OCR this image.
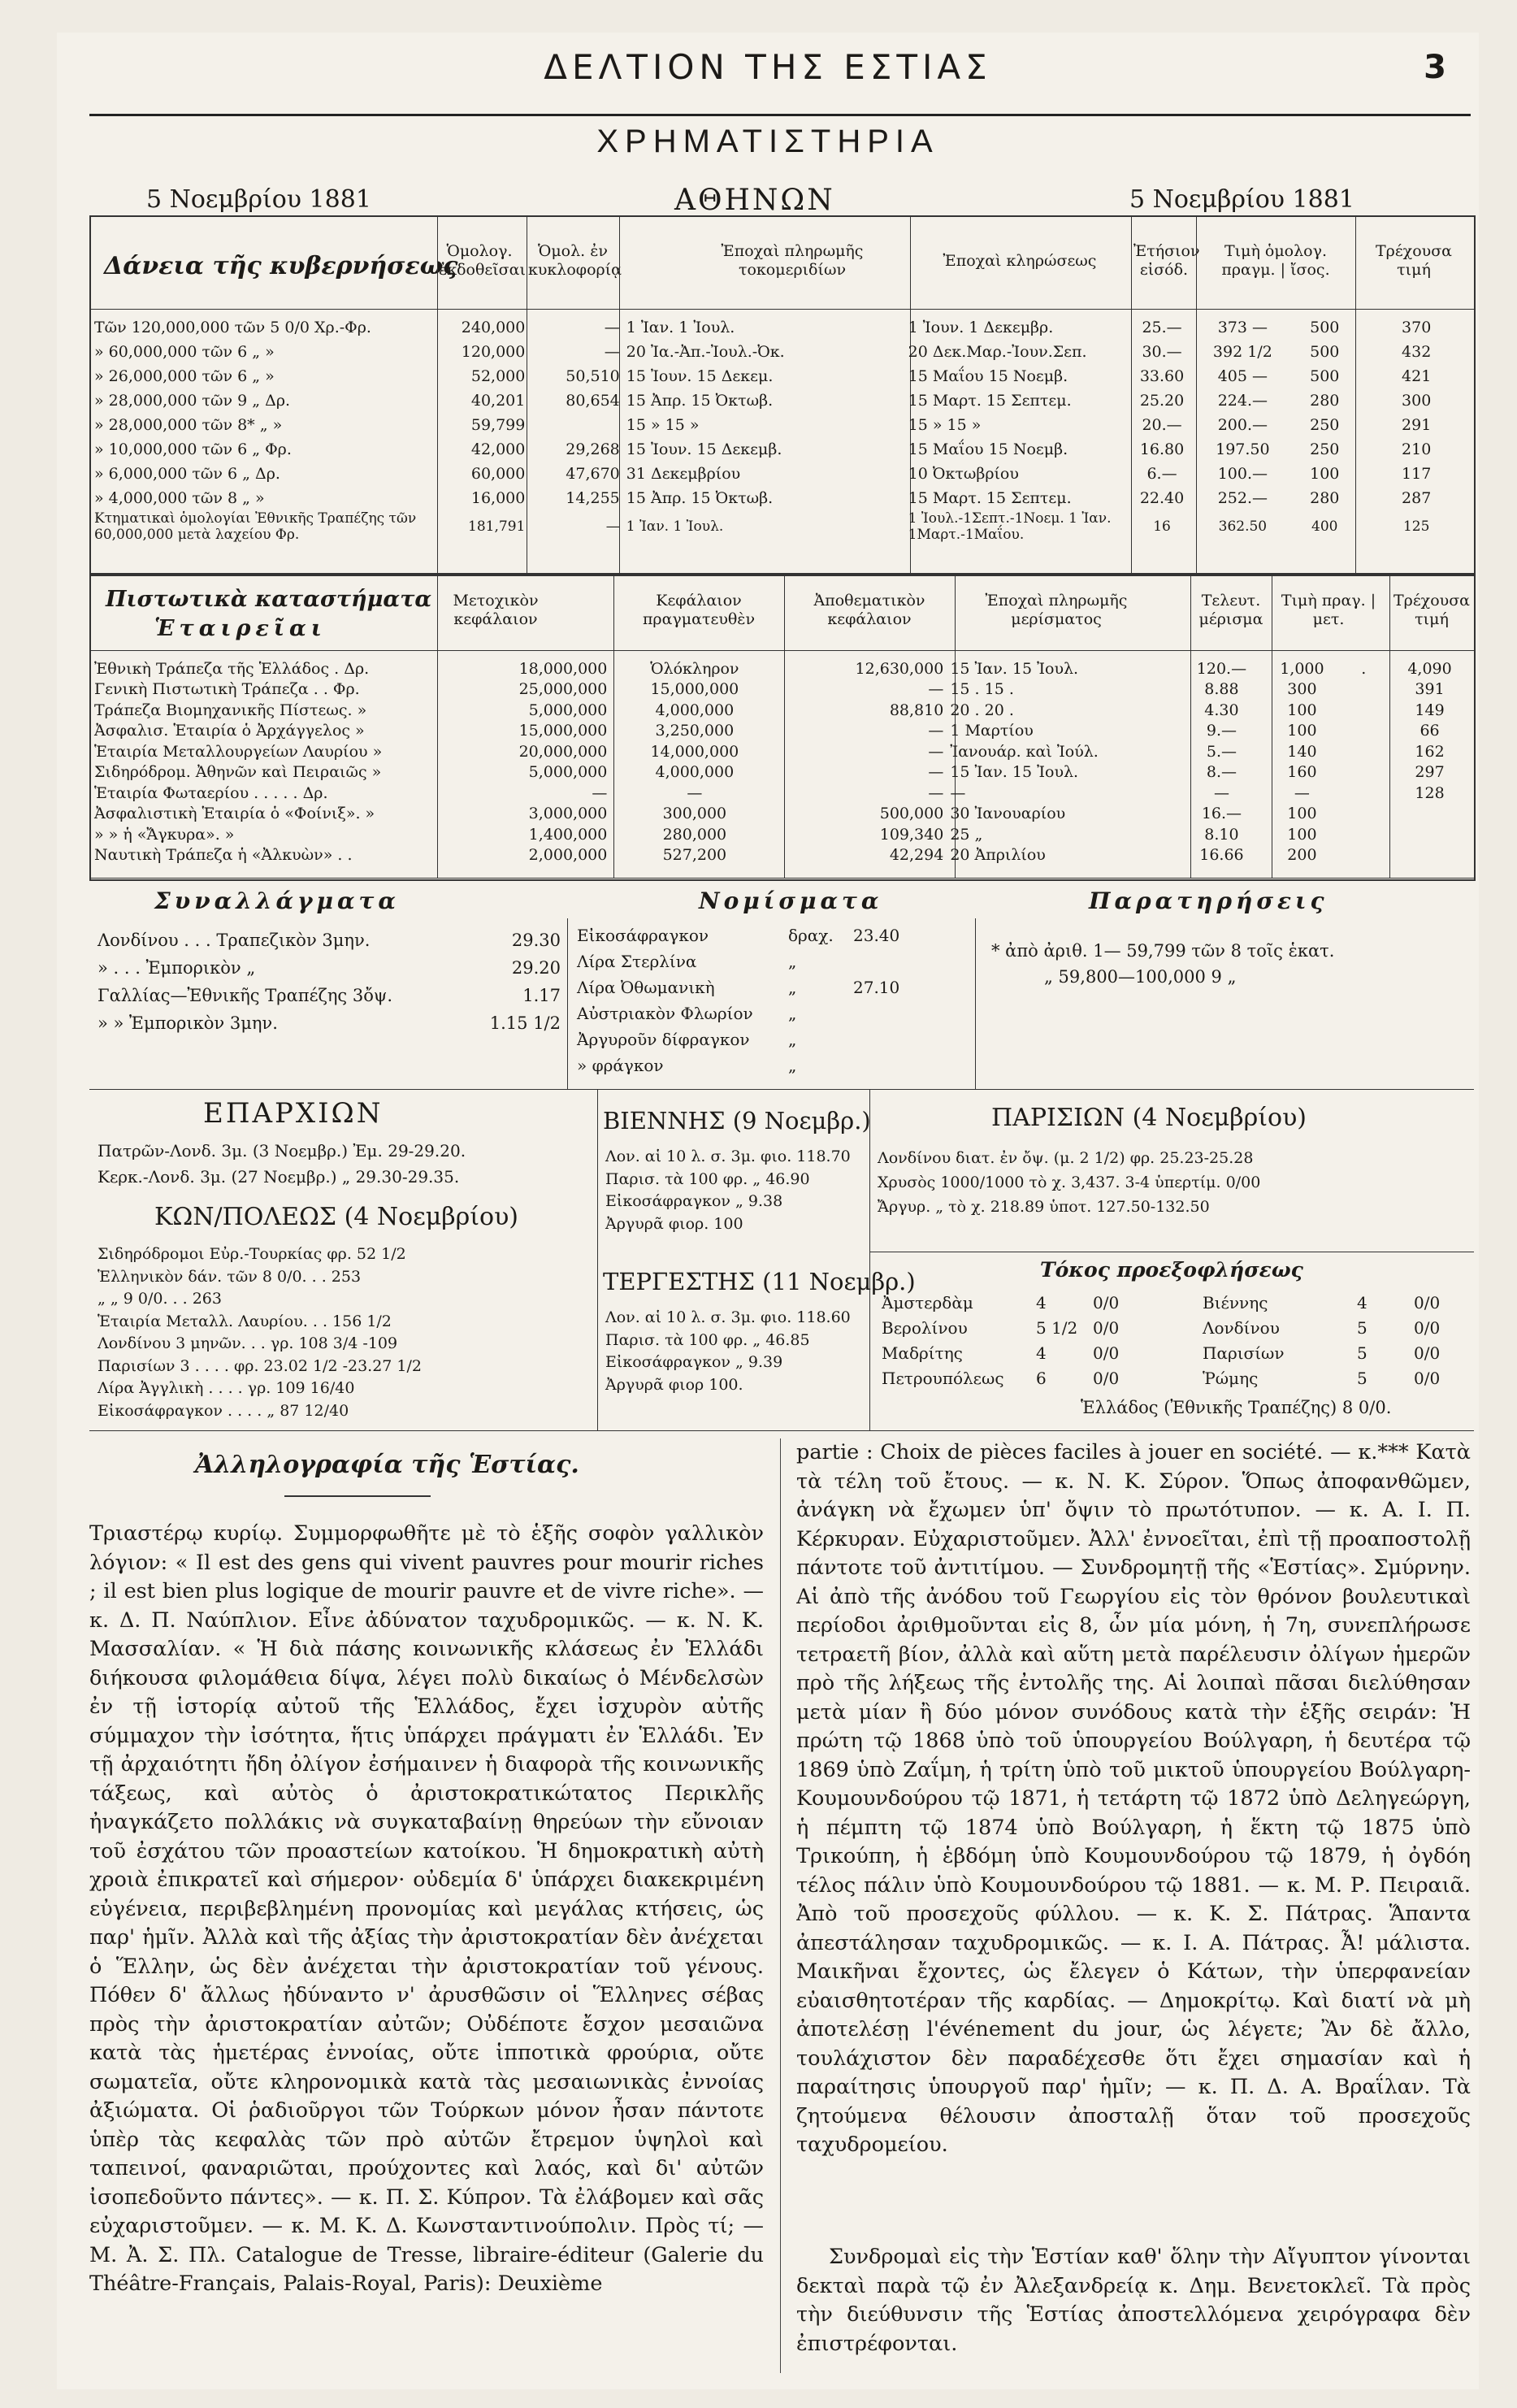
ΔΕΛΤΙΟΝ ΤΗΣ ΕΣΤΙΑΣ	3
ΧΡΗΜΑΤΙΣΤΗΡΙΑ
5 Νοεμβρίου 1881	ΑΘΗΝΩΝ	5 Νοεμβρίου 1881
Δάνεια τῆς κυβερνήσεως
Ὁμολογ. ἐκδοθεῖσαι
Ὁμολ. ἐν κυκλοφορίᾳ
Ἐποχαὶ πληρωμῆς τοκομεριδίων	Ἐποχαὶ κληρώσεως
Ἐτήσιον εἰσόδ.
Τιμὴ ὁμολογ. πραγμ. | ἴσος.
Τρέχουσα τιμή
Τῶν 120,000,000 τῶν 5 0/0 Χρ.-Φρ.	240,000	—	1 Ἰαν. 1 Ἰουλ.	1 Ἰουν. 1 Δεκεμβρ.	25.—	373 —	500	370
» 60,000,000 τῶν 6 „ »	120,000	—	20 Ἰα.-Ἀπ.-Ἰουλ.-Ὀκ.	20 Δεκ.Μαρ.-Ἰουν.Σεπ.	30.—	392 1/2	500	432
» 26,000,000 τῶν 6 „ »	52,000	50,510	15 Ἰουν. 15 Δεκεμ.	15 Μαΐου 15 Νοεμβ.	33.60	405 —	500	421
» 28,000,000 τῶν 9 „ Δρ.	40,201	80,654	15 Ἀπρ. 15 Ὀκτωβ.	15 Μαρτ. 15 Σεπτεμ.	25.20	224.—	280	300
» 28,000,000 τῶν 8* „ »	59,799		15 » 15 »	15 » 15 »	20.—	200.—	250	291
» 10,000,000 τῶν 6 „ Φρ.	42,000	29,268	15 Ἰουν. 15 Δεκεμβ.	15 Μαΐου 15 Νοεμβ.	16.80	197.50	250	210
» 6,000,000 τῶν 6 „ Δρ.	60,000	47,670	31 Δεκεμβρίου	10 Ὀκτωβρίου	6.—	100.—	100	117
» 4,000,000 τῶν 8 „ »	16,000	14,255	15 Ἀπρ. 15 Ὀκτωβ.	15 Μαρτ. 15 Σεπτεμ.	22.40	252.—	280	287
Κτηματικαὶ ὁμολογίαι Ἐθνικῆς Τραπέζης τῶν 60,000,000 μετὰ λαχείου Φρ.	181,791	—	1 Ἰαν. 1 Ἰουλ.	1 Ἰουλ.-1Σεπτ.-1Νοεμ. 1 Ἰαν. 1Μαρτ.-1Μαΐου.	16	362.50	400	125
Πιστωτικὰ καταστήματα
Ἑταιρεῖαι
Μετοχικὸν κεφάλαιον
Κεφάλαιον πραγματευθὲν
Ἀποθεματικὸν κεφάλαιον
Ἐποχαὶ πληρωμῆς μερίσματος
Τελευτ. μέρισμα
Τιμὴ πραγ. | μετ.
Τρέχουσα τιμή
Ἐθνικὴ Τράπεζα τῆς Ἑλλάδος . Δρ.	18,000,000	Ὁλόκληρον	12,630,000	15 Ἰαν. 15 Ἰουλ.	120.—	1,000	.	4,090
Γενικὴ Πιστωτικὴ Τράπεζα . . Φρ.	25,000,000	15,000,000	—	15 . 15 .	8.88	300		391
Τράπεζα Βιομηχανικῆς Πίστεως. »	5,000,000	4,000,000	88,810	20 . 20 .	4.30	100		149
Ἀσφαλισ. Ἑταιρία ὁ Ἀρχάγγελος »	15,000,000	3,250,000	—	1 Μαρτίου	9.—	100		66
Ἑταιρία Μεταλλουργείων Λαυρίου »	20,000,000	14,000,000	—	Ἰανουάρ. καὶ Ἰούλ.	5.—	140		162
Σιδηρόδρομ. Ἀθηνῶν καὶ Πειραιῶς »	5,000,000	4,000,000	—	15 Ἰαν. 15 Ἰουλ.	8.—	160		297
Ἑταιρία Φωταερίου . . . . . Δρ.	—	—	—	—	—	—		128
Ἀσφαλιστικὴ Ἑταιρία ὁ «Φοίνιξ». »	3,000,000	300,000	500,000	30 Ἰανουαρίου	16.—	100		
» » ἡ «Ἄγκυρα». »	1,400,000	280,000	109,340	25 „	8.10	100		
Ναυτικὴ Τράπεζα ἡ «Ἀλκυὼν» . .	2,000,000	527,200	42,294	20 Ἀπριλίου	16.66	200		
Συναλλάγματα	Νομίσματα	Παρατηρήσεις
Λονδίνου . . . Τραπεζικὸν 3μην.	29.30
» . . . Ἐμπορικὸν „	29.20
Γαλλίας—Ἐθνικῆς Τραπέζης 3ὄψ.	1.17
» » Ἐμπορικὸν 3μην.	1.15 1/2
Εἰκοσάφραγκον	δραχ.	23.40
Λίρα Στερλίνα	„
Λίρα Ὀθωμανικὴ	„	27.10
Αὐστριακὸν Φλωρίον	„
Ἀργυροῦν δίφραγκον	„
» φράγκον	„
* ἀπὸ ἀριθ. 1— 59,799 τῶν 8 τοῖς ἑκατ.
„ 59,800—100,000 9 „
ΕΠΑΡΧΙΩΝ
Πατρῶν-Λονδ. 3μ. (3 Νοεμβρ.) Ἐμ. 29-29.20.
Κερκ.-Λονδ. 3μ. (27 Νοεμβρ.) „ 29.30-29.35.
ΚΩΝ/ΠΟΛΕΩΣ (4 Νοεμβρίου)
Σιδηρόδρομοι Εὐρ.-Τουρκίας φρ. 52 1/2
Ἑλληνικὸν δάν. τῶν 8 0/0. . . 253
„ „ 9 0/0. . . 263
Ἑταιρία Μεταλλ. Λαυρίου. . . 156 1/2
Λονδίνου 3 μηνῶν. . . γρ. 108 3/4 -109
Παρισίων 3 . . . . φρ. 23.02 1/2 -23.27 1/2
Λίρα Ἀγγλικὴ . . . . γρ. 109 16/40
Εἰκοσάφραγκον . . . . „ 87 12/40
ΒΙΕΝΝΗΣ (9 Νοεμβρ.)
Λον. αἱ 10 λ. σ. 3μ. φιο. 118.70
Παρισ. τὰ 100 φρ. „ 46.90
Εἰκοσάφραγκον „ 9.38
Ἀργυρᾶ φιορ. 100
ΤΕΡΓΕΣΤΗΣ (11 Νοεμβρ.)
Λον. αἱ 10 λ. σ. 3μ. φιο. 118.60
Παρισ. τὰ 100 φρ. „ 46.85
Εἰκοσάφραγκον „ 9.39
Ἀργυρᾶ φιορ 100.
ΠΑΡΙΣΙΩΝ (4 Νοεμβρίου)
Λονδίνου διατ. ἐν ὄψ. (μ. 2 1/2) φρ. 25.23-25.28
Χρυσὸς 1000/1000 τὸ χ. 3,437. 3-4 ὑπερτίμ. 0/00
Ἄργυρ. „ τὸ χ. 218.89 ὑποτ. 127.50-132.50
Τόκος προεξοφλήσεως
Ἀμστερδὰμ	4	0/0
Βερολίνου	5 1/2 0/0
Μαδρίτης	4	0/0
Πετρουπόλεως	6	0/0
Βιέννης	4	0/0
Λονδίνου	5	0/0
Παρισίων	5	0/0
Ῥώμης	5	0/0
Ἑλλάδος (Ἐθνικῆς Τραπέζης) 8 0/0.
Ἀλληλογραφία τῆς Ἑστίας.
Τριαστέρῳ κυρίῳ. Συμμορφωθῆτε μὲ τὸ ἑξῆς σοφὸν γαλλικὸν λόγιον: « Il est des gens qui vivent pauvres pour mourir riches ; il est bien plus logique de mourir pauvre et de vivre riche». — κ. Δ. Π. Ναύπλιον. Εἶνε ἀδύνατον ταχυδρομικῶς. — κ. Ν. Κ. Μασσαλίαν. « Ἡ διὰ πάσης κοινωνικῆς κλάσεως ἐν Ἑλλάδι διήκουσα φιλομάθεια δίψα, λέγει πολὺ δικαίως ὁ Μένδελσὼν ἐν τῇ ἱστορίᾳ αὐτοῦ τῆς Ἑλλάδος, ἔχει ἰσχυρὸν αὐτῆς σύμμαχον τὴν ἰσότητα, ἥτις ὑπάρχει πράγματι ἐν Ἑλλάδι. Ἐν τῇ ἀρχαιότητι ἤδη ὀλίγον ἐσήμαινεν ἡ διαφορὰ τῆς κοινωνικῆς τάξεως, καὶ αὐτὸς ὁ ἀριστοκρατικώτατος Περικλῆς ἠναγκάζετο πολλάκις νὰ συγκαταβαίνῃ θηρεύων τὴν εὔνοιαν τοῦ ἐσχάτου τῶν προαστείων κατοίκου. Ἡ δημοκρατικὴ αὐτὴ χροιὰ ἐπικρατεῖ καὶ σήμερον· οὐδεμία δ' ὑπάρχει διακεκριμένη εὐγένεια, περιβεβλημένη προνομίας καὶ μεγάλας κτήσεις, ὡς παρ' ἡμῖν. Ἀλλὰ καὶ τῆς ἀξίας τὴν ἀριστοκρατίαν δὲν ἀνέχεται ὁ Ἕλλην, ὡς δὲν ἀνέχεται τὴν ἀριστοκρατίαν τοῦ γένους. Πόθεν δ' ἄλλως ἠδύναντο ν' ἀρυσθῶσιν οἱ Ἕλληνες σέβας πρὸς τὴν ἀριστοκρατίαν αὐτῶν; Οὐδέποτε ἔσχον μεσαιῶνα κατὰ τὰς ἡμετέρας ἐννοίας, οὔτε ἱπποτικὰ φρούρια, οὔτε σωματεῖα, οὔτε κληρονομικὰ κατὰ τὰς μεσαιωνικὰς ἐννοίας ἀξιώματα. Οἱ ῥαδιοῦργοι τῶν Τούρκων μόνον ἦσαν πάντοτε ὑπὲρ τὰς κεφαλὰς τῶν πρὸ αὐτῶν ἔτρεμον ὑψηλοὶ καὶ ταπεινοί, φαναριῶται, προύχοντες καὶ λαός, καὶ δι' αὐτῶν ἰσοπεδοῦντο πάντες». — κ. Π. Σ. Κύπρον. Τὰ ἐλάβομεν καὶ σᾶς εὐχαριστοῦμεν. — κ. Μ. Κ. Δ. Κωνσταντινούπολιν. Πρὸς τί; — Μ. Ἀ. Σ. Πλ. Catalogue de Tresse, libraire-éditeur (Galerie du Théâtre-Français, Palais-Royal, Paris): Deuxième
partie : Choix de pièces faciles à jouer en société. — κ.*** Κατὰ τὰ τέλη τοῦ ἔτους. — κ. Ν. Κ. Σύρον. Ὅπως ἀποφανθῶμεν, ἀνάγκη νὰ ἔχωμεν ὑπ' ὄψιν τὸ πρωτότυπον. — κ. Α. Ι. Π. Κέρκυραν. Εὐχαριστοῦμεν. Ἀλλ' ἐννοεῖται, ἐπὶ τῇ προαποστολῇ πάντοτε τοῦ ἀντιτίμου. — Συνδρομητῇ τῆς «Ἑστίας». Σμύρνην. Αἱ ἀπὸ τῆς ἀνόδου τοῦ Γεωργίου εἰς τὸν θρόνον βουλευτικαὶ περίοδοι ἀριθμοῦνται εἰς 8, ὧν μία μόνη, ἡ 7η, συνεπλήρωσε τετραετῆ βίον, ἀλλὰ καὶ αὕτη μετὰ παρέλευσιν ὀλίγων ἡμερῶν πρὸ τῆς λήξεως τῆς ἐντολῆς της. Αἱ λοιπαὶ πᾶσαι διελύθησαν μετὰ μίαν ἢ δύο μόνον συνόδους κατὰ τὴν ἑξῆς σειράν: Ἡ πρώτη τῷ 1868 ὑπὸ τοῦ ὑπουργείου Βούλγαρη, ἡ δευτέρα τῷ 1869 ὑπὸ Ζαΐμη, ἡ τρίτη ὑπὸ τοῦ μικτοῦ ὑπουργείου Βούλγαρη-Κουμουνδούρου τῷ 1871, ἡ τετάρτη τῷ 1872 ὑπὸ Δεληγεώργη, ἡ πέμπτη τῷ 1874 ὑπὸ Βούλγαρη, ἡ ἕκτη τῷ 1875 ὑπὸ Τρικούπη, ἡ ἑβδόμη ὑπὸ Κουμουνδούρου τῷ 1879, ἡ ὀγδόη τέλος πάλιν ὑπὸ Κουμουνδούρου τῷ 1881. — κ. Μ. Ρ. Πειραιᾶ. Ἀπὸ τοῦ προσεχοῦς φύλλου. — κ. Κ. Σ. Πάτρας. Ἅπαντα ἀπεστάλησαν ταχυδρομικῶς. — κ. Ι. Α. Πάτρας. Ἆ! μάλιστα. Μαικῆναι ἔχοντες, ὡς ἔλεγεν ὁ Κάτων, τὴν ὑπερφανείαν εὐαισθητοτέραν τῆς καρδίας. — Δημοκρίτῳ. Καὶ διατί νὰ μὴ ἀποτελέσῃ l'événement du jour, ὡς λέγετε; Ἂν δὲ ἄλλο, τουλάχιστον δὲν παραδέχεσθε ὅτι ἔχει σημασίαν καὶ ἡ παραίτησις ὑπουργοῦ παρ' ἡμῖν; — κ. Π. Δ. Α. Βραΐλαν. Τὰ ζητούμενα θέλουσιν ἀποσταλῇ ὅταν τοῦ προσεχοῦς ταχυδρομείου.
Συνδρομαὶ εἰς τὴν Ἑστίαν καθ' ὅλην τὴν Αἴγυπτον γίνονται δεκταὶ παρὰ τῷ ἐν Ἀλεξανδρείᾳ κ. Δημ. Βενετοκλεῖ. Τὰ πρὸς τὴν διεύθυνσιν τῆς Ἑστίας ἀποστελλόμενα χειρόγραφα δὲν ἐπιστρέφονται.
